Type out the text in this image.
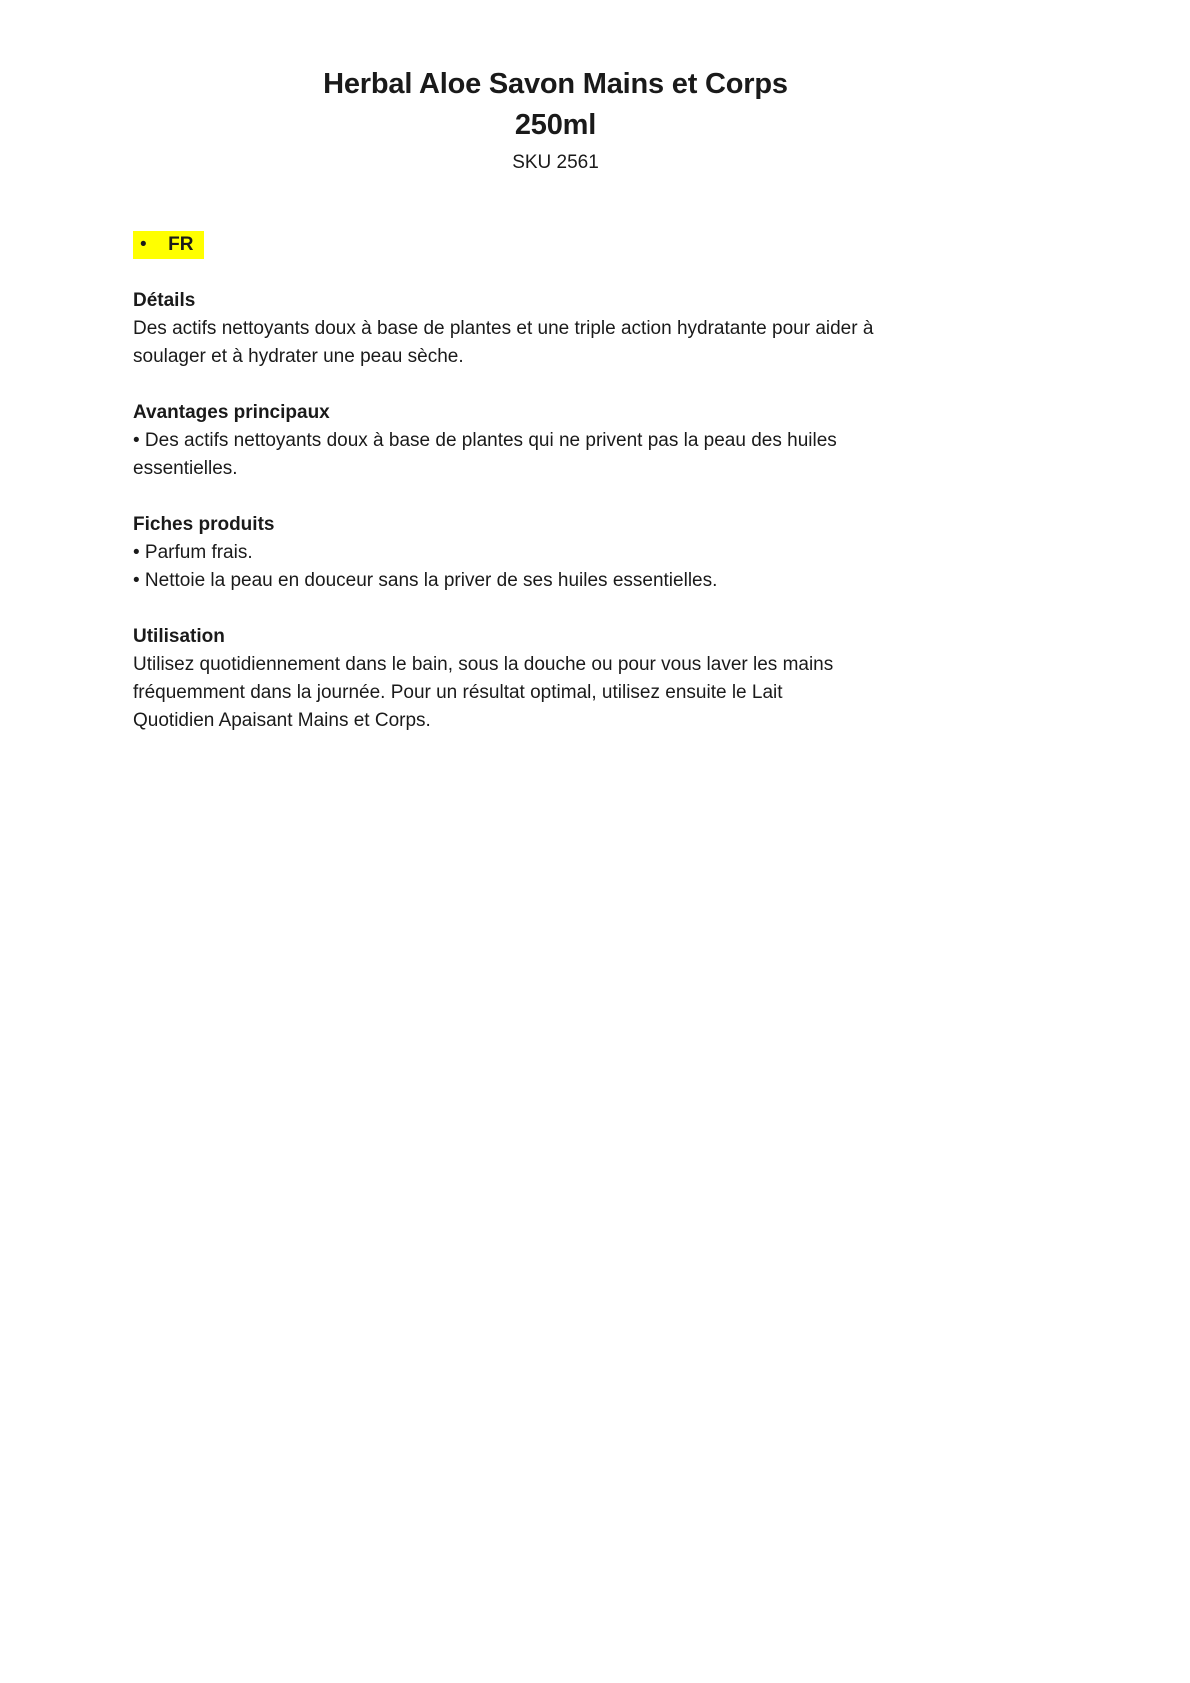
Herbal Aloe Savon Mains et Corps
250ml
SKU 2561
• FR
Détails
Des actifs nettoyants doux à base de plantes et une triple action hydratante pour aider à
soulager et à hydrater une peau sèche.
Avantages principaux
• Des actifs nettoyants doux à base de plantes qui ne privent pas la peau des huiles
essentielles.
Fiches produits
• Parfum frais.
• Nettoie la peau en douceur sans la priver de ses huiles essentielles.
Utilisation
Utilisez quotidiennement dans le bain, sous la douche ou pour vous laver les mains
fréquemment dans la journée. Pour un résultat optimal, utilisez ensuite le Lait
Quotidien Apaisant Mains et Corps.
